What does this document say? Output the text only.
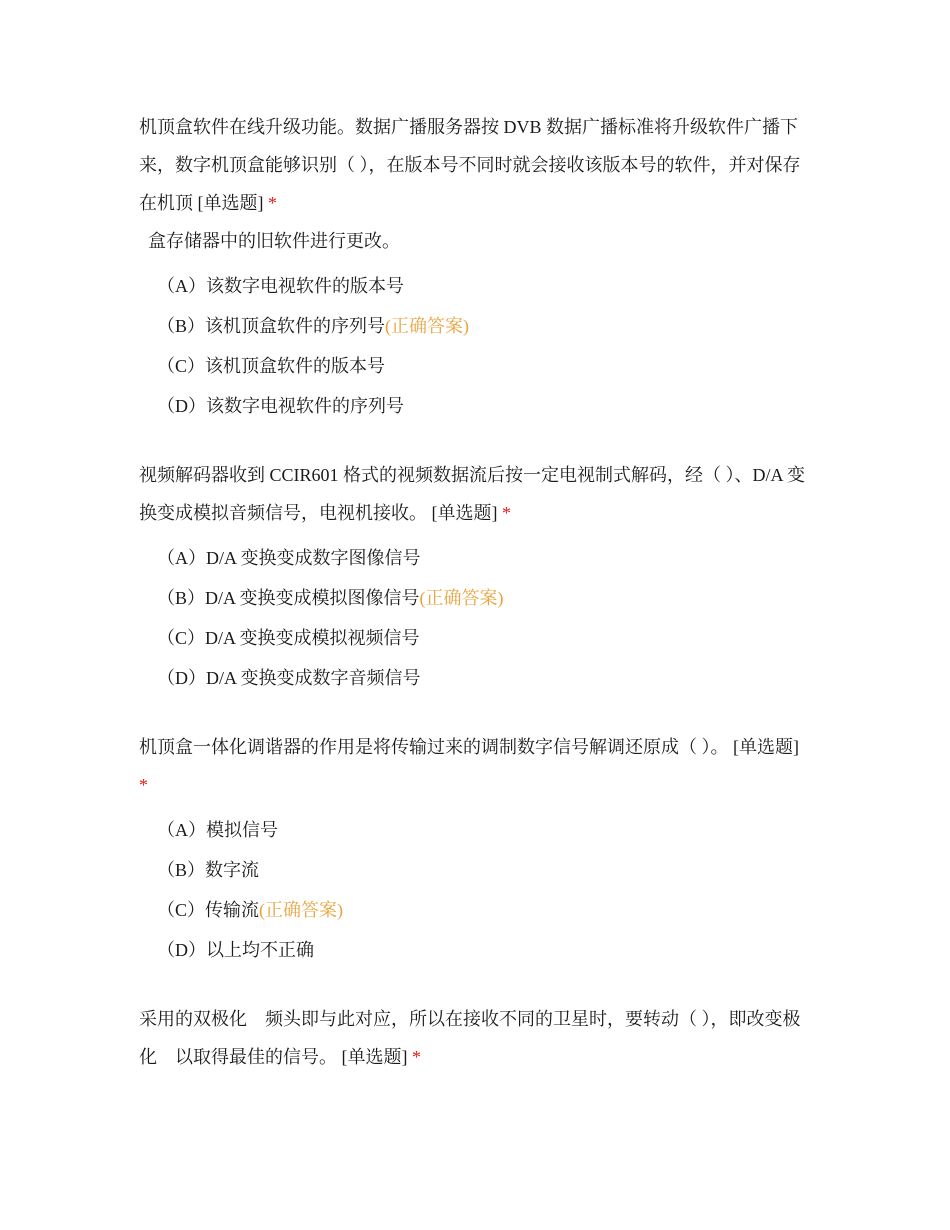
机顶盒软件在线升级功能。数据广播服务器按 DVB 数据广播标准将升级软件广播下来，数字机顶盒能够识别（ ），在版本号不同时就会接收该版本号的软件，并对保存在机顶 [单选题] *

盒存储器中的旧软件进行更改。

（A）该数字电视软件的版本号
（B）该机顶盒软件的序列号(正确答案)
（C）该机顶盒软件的版本号
（D）该数字电视软件的序列号

视频解码器收到 CCIR601 格式的视频数据流后按一定电视制式解码，经（ ）、D/A 变换变成模拟音频信号，电视机接收。 [单选题] *

（A）D/A 变换变成数字图像信号
（B）D/A 变换变成模拟图像信号(正确答案)
（C）D/A 变换变成模拟视频信号
（D）D/A 变换变成数字音频信号

机顶盒一体化调谐器的作用是将传输过来的调制数字信号解调还原成（ ）。 [单选题] *

（A）模拟信号
（B）数字流
（C）传输流(正确答案)
（D）以上均不正确

采用的双极化　频头即与此对应，所以在接收不同的卫星时，要转动（ ），即改变极化　以取得最佳的信号。 [单选题] *
